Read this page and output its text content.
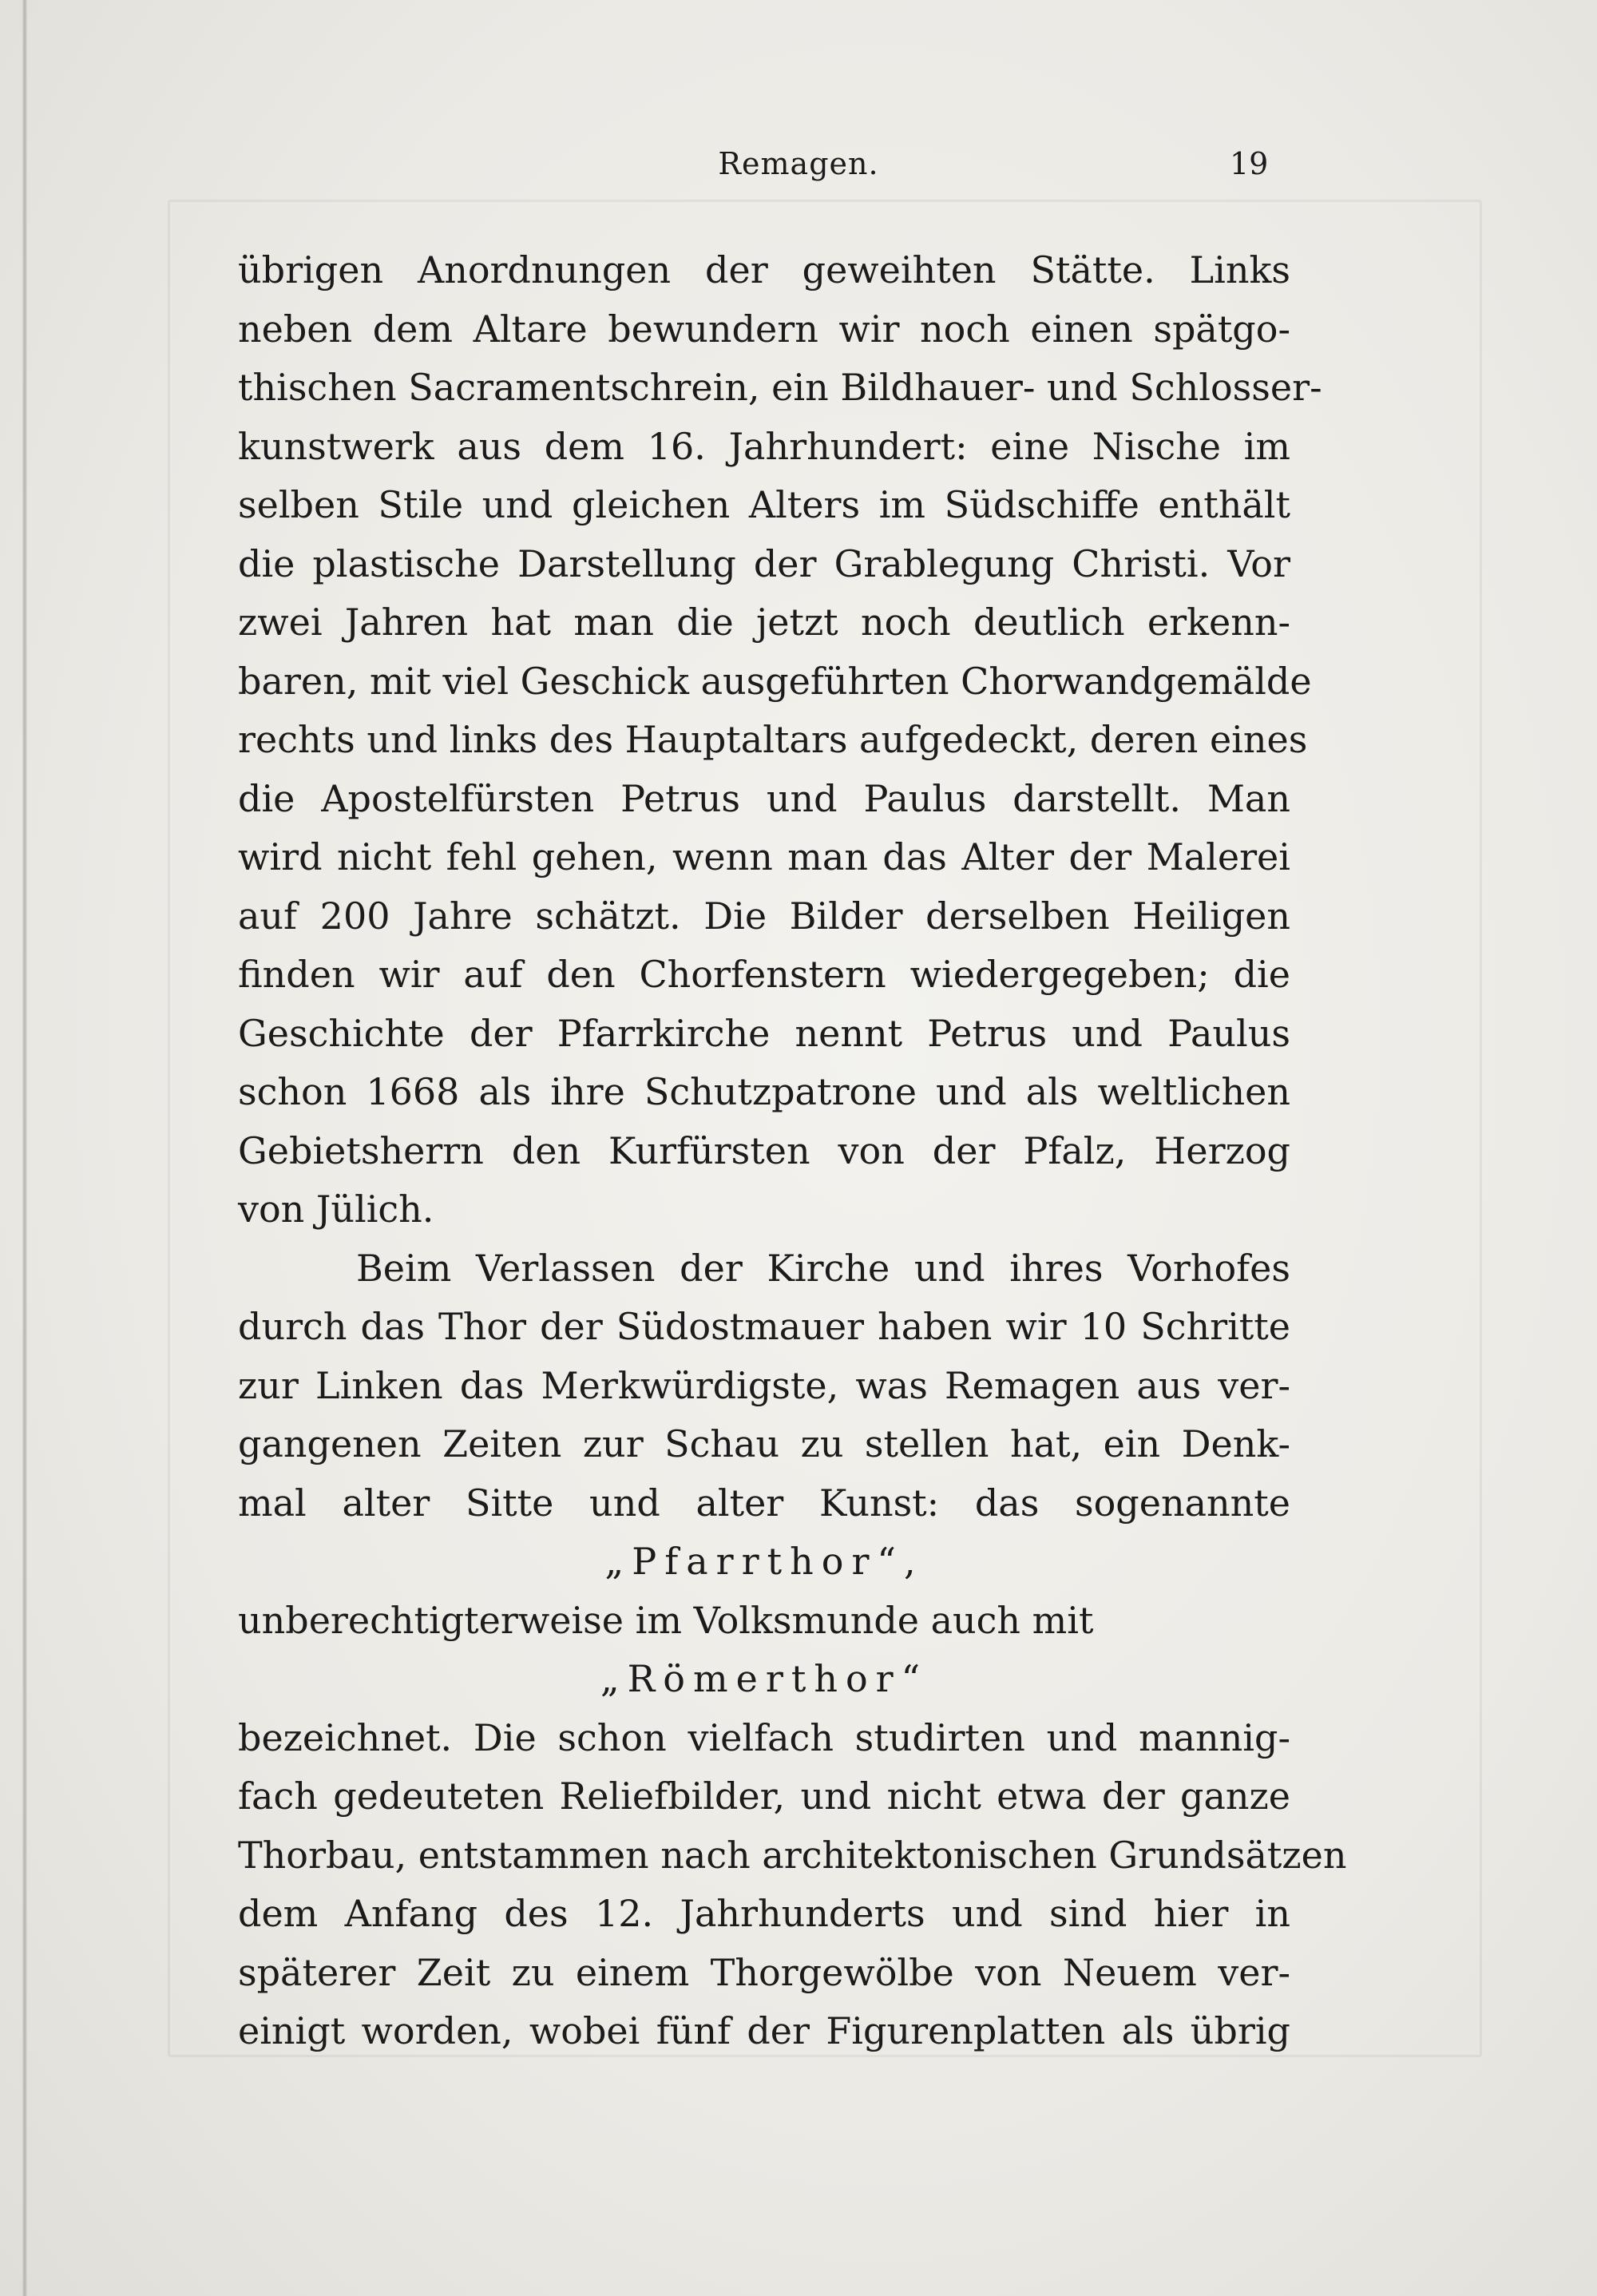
Remagen.	19
übrigen Anordnungen der geweihten Stätte. Links
neben dem Altare bewundern wir noch einen spätgo-
thischen Sacramentschrein, ein Bildhauer- und Schlosser-
kunstwerk aus dem 16. Jahrhundert: eine Nische im
selben Stile und gleichen Alters im Südschiffe enthält
die plastische Darstellung der Grablegung Christi. Vor
zwei Jahren hat man die jetzt noch deutlich erkenn-
baren, mit viel Geschick ausgeführten Chorwandgemälde
rechts und links des Hauptaltars aufgedeckt, deren eines
die Apostelfürsten Petrus und Paulus darstellt. Man
wird nicht fehl gehen, wenn man das Alter der Malerei
auf 200 Jahre schätzt. Die Bilder derselben Heiligen
finden wir auf den Chorfenstern wiedergegeben; die
Geschichte der Pfarrkirche nennt Petrus und Paulus
schon 1668 als ihre Schutzpatrone und als weltlichen
Gebietsherrn den Kurfürsten von der Pfalz, Herzog
von Jülich.
Beim Verlassen der Kirche und ihres Vorhofes
durch das Thor der Südostmauer haben wir 10 Schritte
zur Linken das Merkwürdigste, was Remagen aus ver-
gangenen Zeiten zur Schau zu stellen hat, ein Denk-
mal alter Sitte und alter Kunst: das sogenannte
„Pfarrthor“,
unberechtigterweise im Volksmunde auch mit
„Römerthor“
bezeichnet. Die schon vielfach studirten und mannig-
fach gedeuteten Reliefbilder, und nicht etwa der ganze
Thorbau, entstammen nach architektonischen Grundsätzen
dem Anfang des 12. Jahrhunderts und sind hier in
späterer Zeit zu einem Thorgewölbe von Neuem ver-
einigt worden, wobei fünf der Figurenplatten als übrig
